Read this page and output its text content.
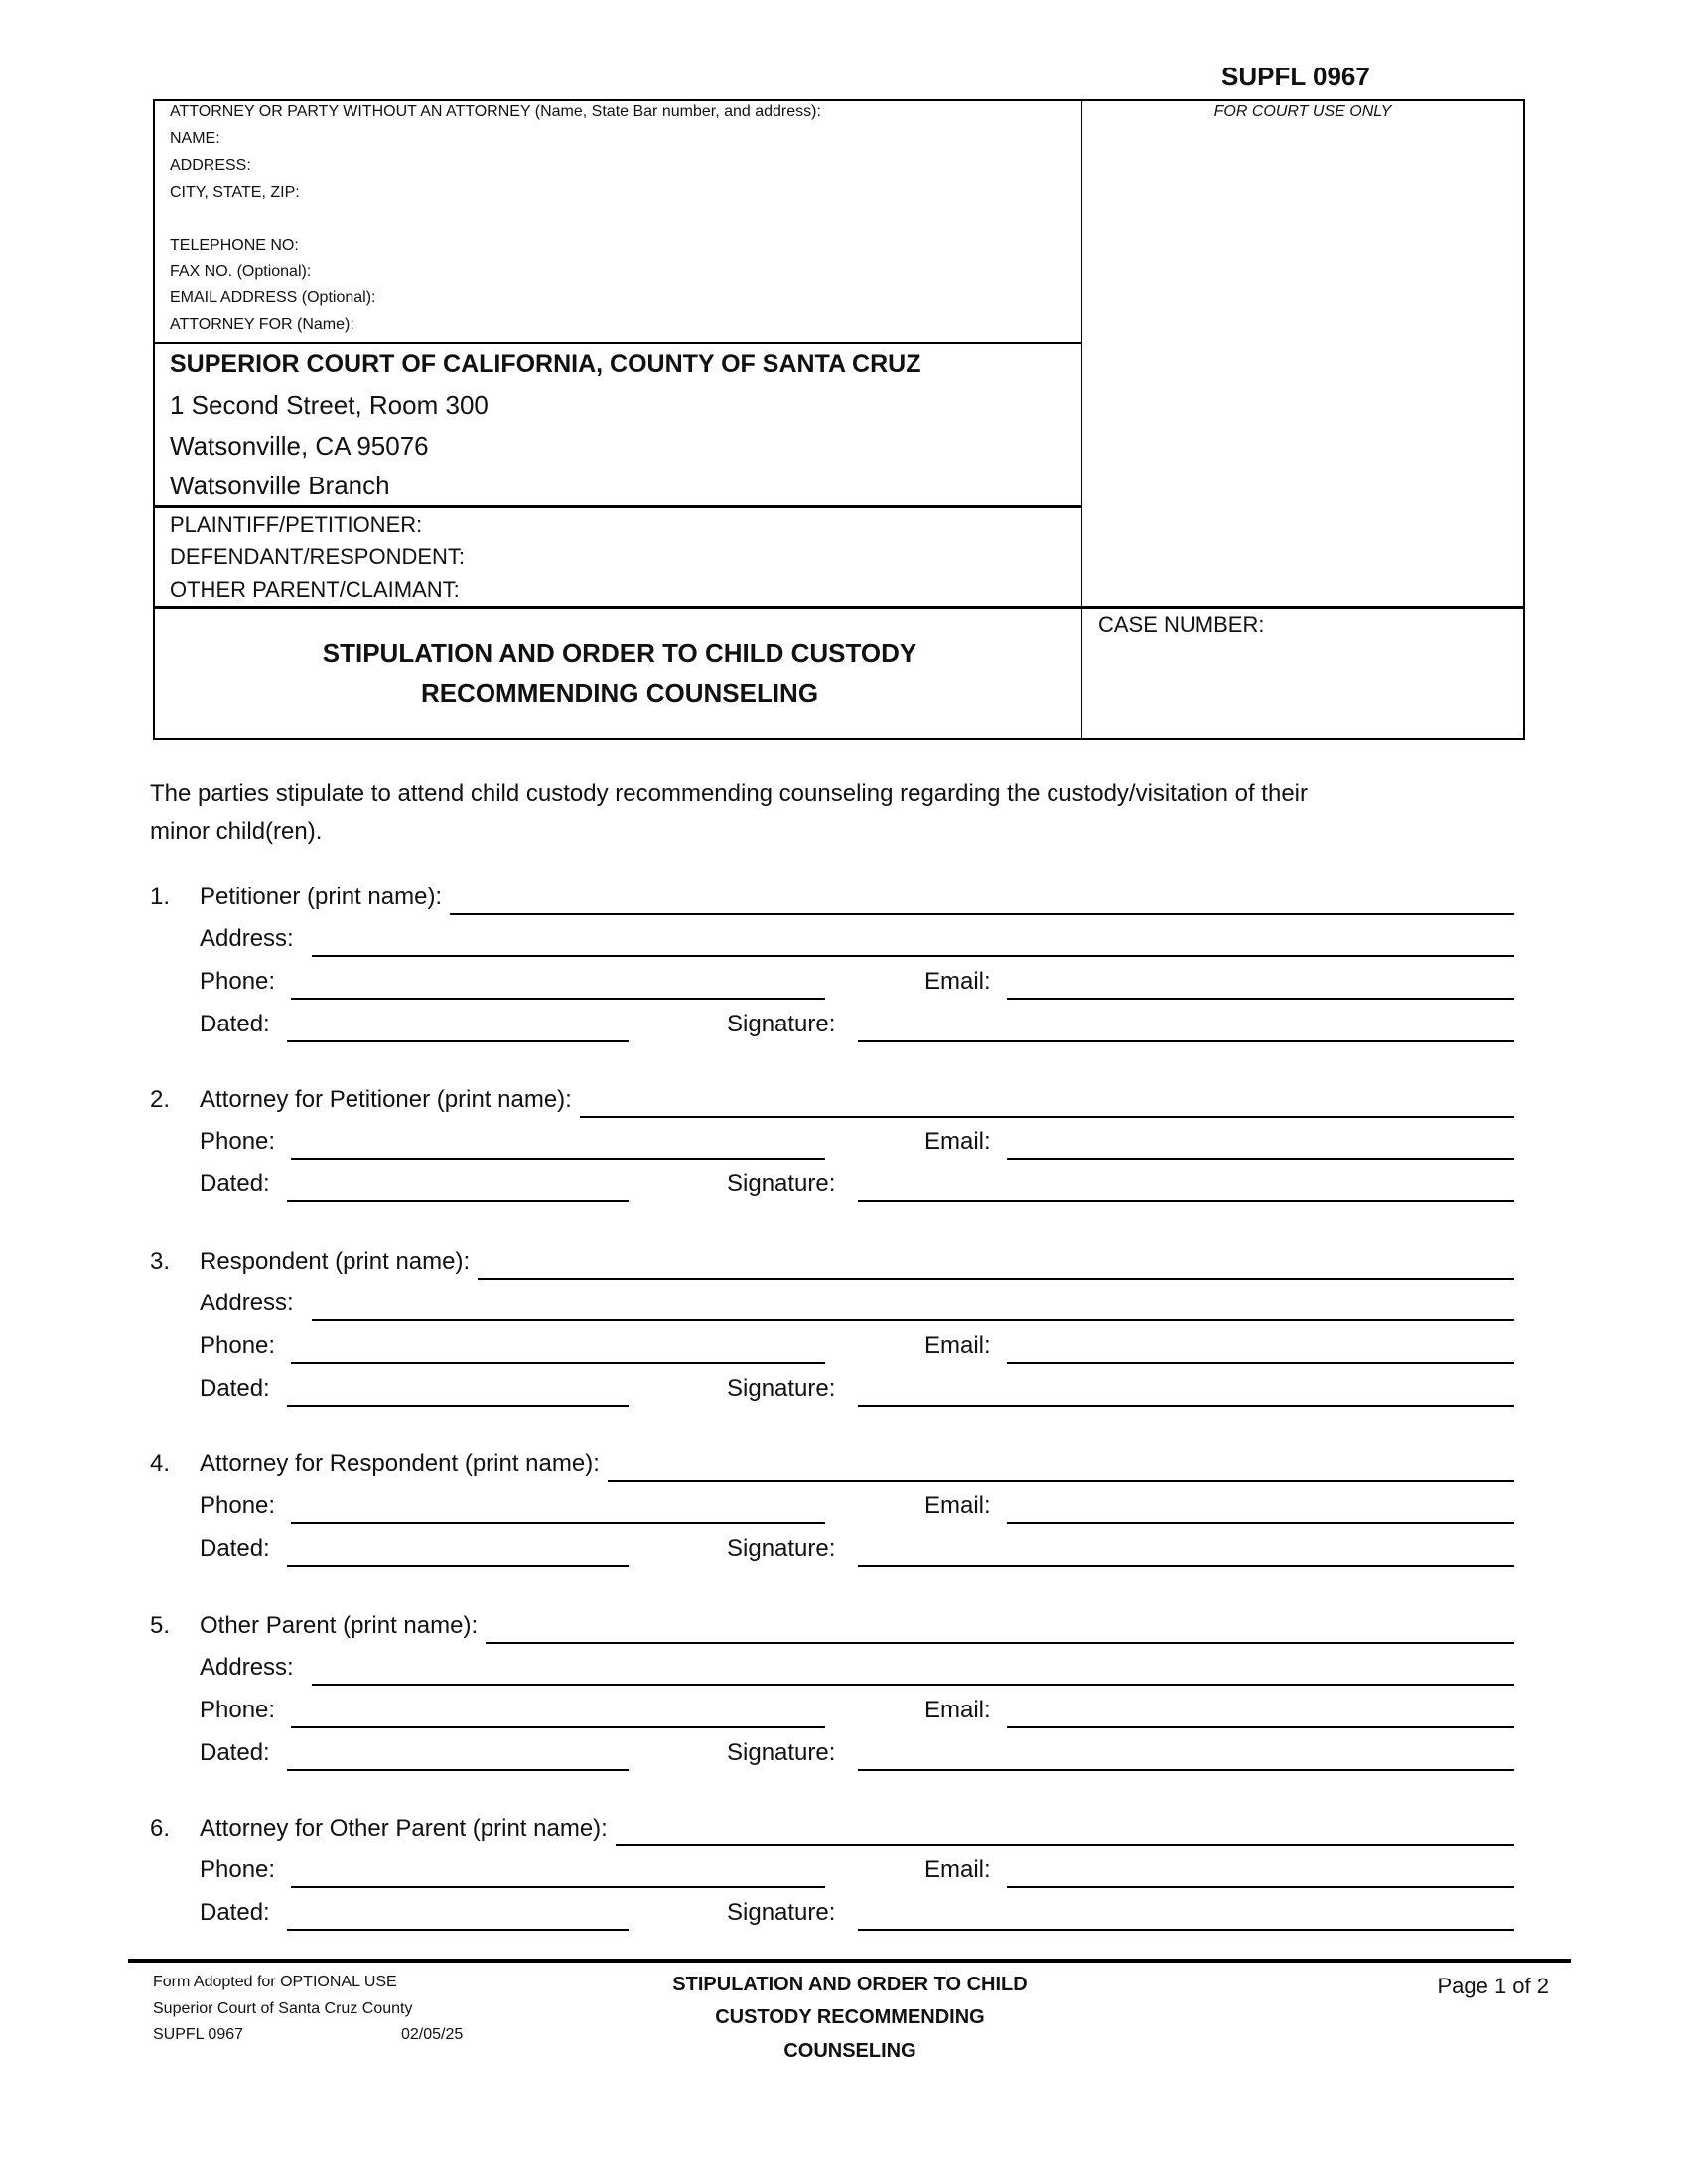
SUPFL 0967
ATTORNEY OR PARTY WITHOUT AN ATTORNEY (Name, State Bar number, and address):
NAME:
ADDRESS:
CITY, STATE, ZIP:
TELEPHONE NO:
FAX NO. (Optional):
EMAIL ADDRESS (Optional):
ATTORNEY FOR (Name):
FOR COURT USE ONLY
SUPERIOR COURT OF CALIFORNIA, COUNTY OF SANTA CRUZ
1 Second Street, Room 300
Watsonville, CA 95076
Watsonville Branch
PLAINTIFF/PETITIONER:
DEFENDANT/RESPONDENT:
OTHER PARENT/CLAIMANT:
CASE NUMBER:
STIPULATION AND ORDER TO CHILD CUSTODY
RECOMMENDING COUNSELING
The parties stipulate to attend child custody recommending counseling regarding the custody/visitation of their
minor child(ren).
1. Petitioner (print name):
Address:
Phone:	Email:
Dated:	Signature:
2. Attorney for Petitioner (print name):
Phone:	Email:
Dated:	Signature:
3. Respondent (print name):
Address:
Phone:	Email:
Dated:	Signature:
4. Attorney for Respondent (print name):
Phone:	Email:
Dated:	Signature:
5. Other Parent (print name):
Address:
Phone:	Email:
Dated:	Signature:
6. Attorney for Other Parent (print name):
Phone:	Email:
Dated:	Signature:
Form Adopted for OPTIONAL USE
Superior Court of Santa Cruz County
SUPFL 0967	02/05/25
STIPULATION AND ORDER TO CHILD
CUSTODY RECOMMENDING
COUNSELING
Page 1 of 2
